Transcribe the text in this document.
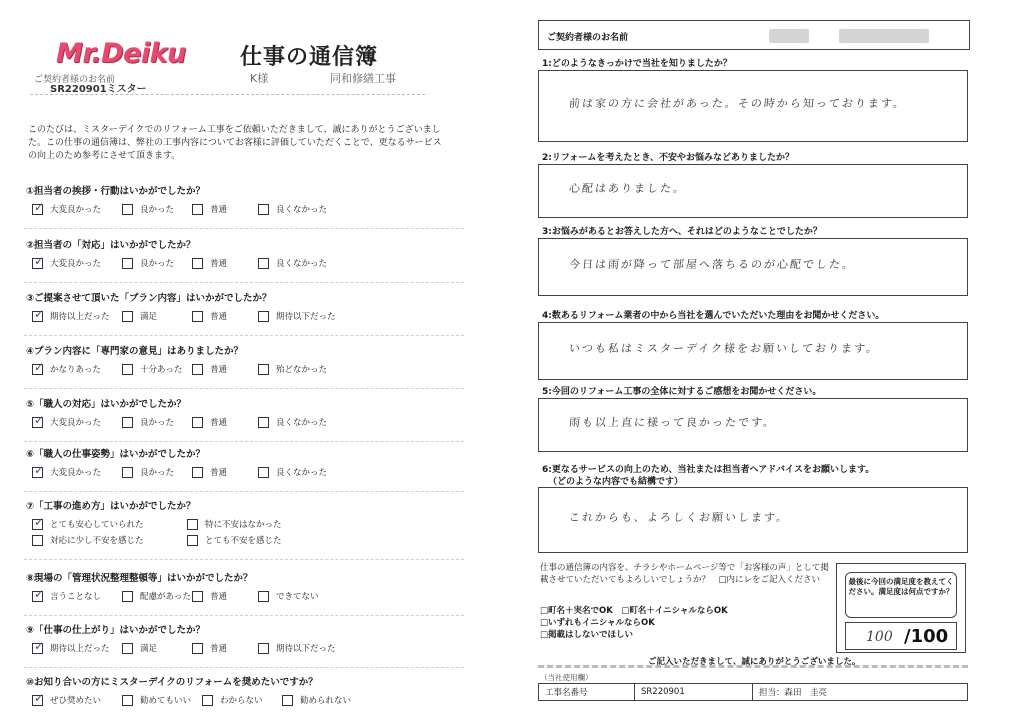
Mr.Deiku 仕事の通信簿
ご契約者様のお名前
SR220901ミスター
K様	同和修繕工事
このたびは、ミスターデイクでのリフォーム工事をご依頼いただきまして、誠にありがとうございました。この仕事の通信簿は、弊社の工事内容についてお客様に評価していただくことで、更なるサービスの向上のため参考にさせて頂きます。
①担当者の挨拶・行動はいかがでしたか？
✓
大変良かった	良かった	普通	良くなかった
②担当者の「対応」はいかがでしたか？
✓
大変良かった	良かった	普通	良くなかった
③ご提案させて頂いた「プラン内容」はいかがでしたか？
✓
期待以上だった	満足	普通	期待以下だった
④プラン内容に「専門家の意見」はありましたか？
✓
かなりあった	十分あった	普通	殆どなかった
⑤「職人の対応」はいかがでしたか？
✓
大変良かった	良かった	普通	良くなかった
⑥「職人の仕事姿勢」はいかがでしたか？
✓
大変良かった	良かった	普通	良くなかった
⑦「工事の進め方」はいかがでしたか？
✓
とても安心していられた	特に不安はなかった
対応に少し不安を感じた	とても不安を感じた
⑧現場の「管理状況整理整頓等」はいかがでしたか？
✓
言うことなし	配慮があった 普通	できてない
⑨「仕事の仕上がり」はいかがでしたか？
✓
期待以上だった	満足	普通	期待以下だった
⑩お知り合いの方にミスターデイクのリフォームを奨めたいですか？
✓
ぜひ奨めたい	勧めてもいい	わからない	勧められない
ご契約者様のお名前
1:どのようなきっかけで当社を知りましたか？
前は家の方に会社があった。その時から知っております。
2:リフォームを考えたとき、不安やお悩みなどありましたか？
心配はありました。
3:お悩みがあるとお答えした方へ、それはどのようなことでしたか？
今日は雨が降って部屋へ落ちるのが心配でした。
4:数あるリフォーム業者の中から当社を選んでいただいた理由をお聞かせください。
いつも私はミスターデイク様をお願いしております。
5:今回のリフォーム工事の全体に対するご感想をお聞かせください。
雨も以上直に様って良かったです。
6:更なるサービスの向上のため、当社または担当者へアドバイスをお願いします。
（どのような内容でも結構です）
これからも、よろしくお願いします。
仕事の通信簿の内容を、チラシやホームページ等で「お客様の声」として掲載させていただいてもよろしいでしょうか？　□内にレをご記入ください
□町名＋実名でOK　□町名＋イニシャルならOK
□いずれもイニシャルならOK
□掲載はしないでほしい
最後に今回の満足度を教えてください。満足度は何点ですか？
100 /100
ご記入いただきまして、誠にありがとうございました。
（当社使用欄）
工事名番号	SR220901	担当：森田　圭亮
